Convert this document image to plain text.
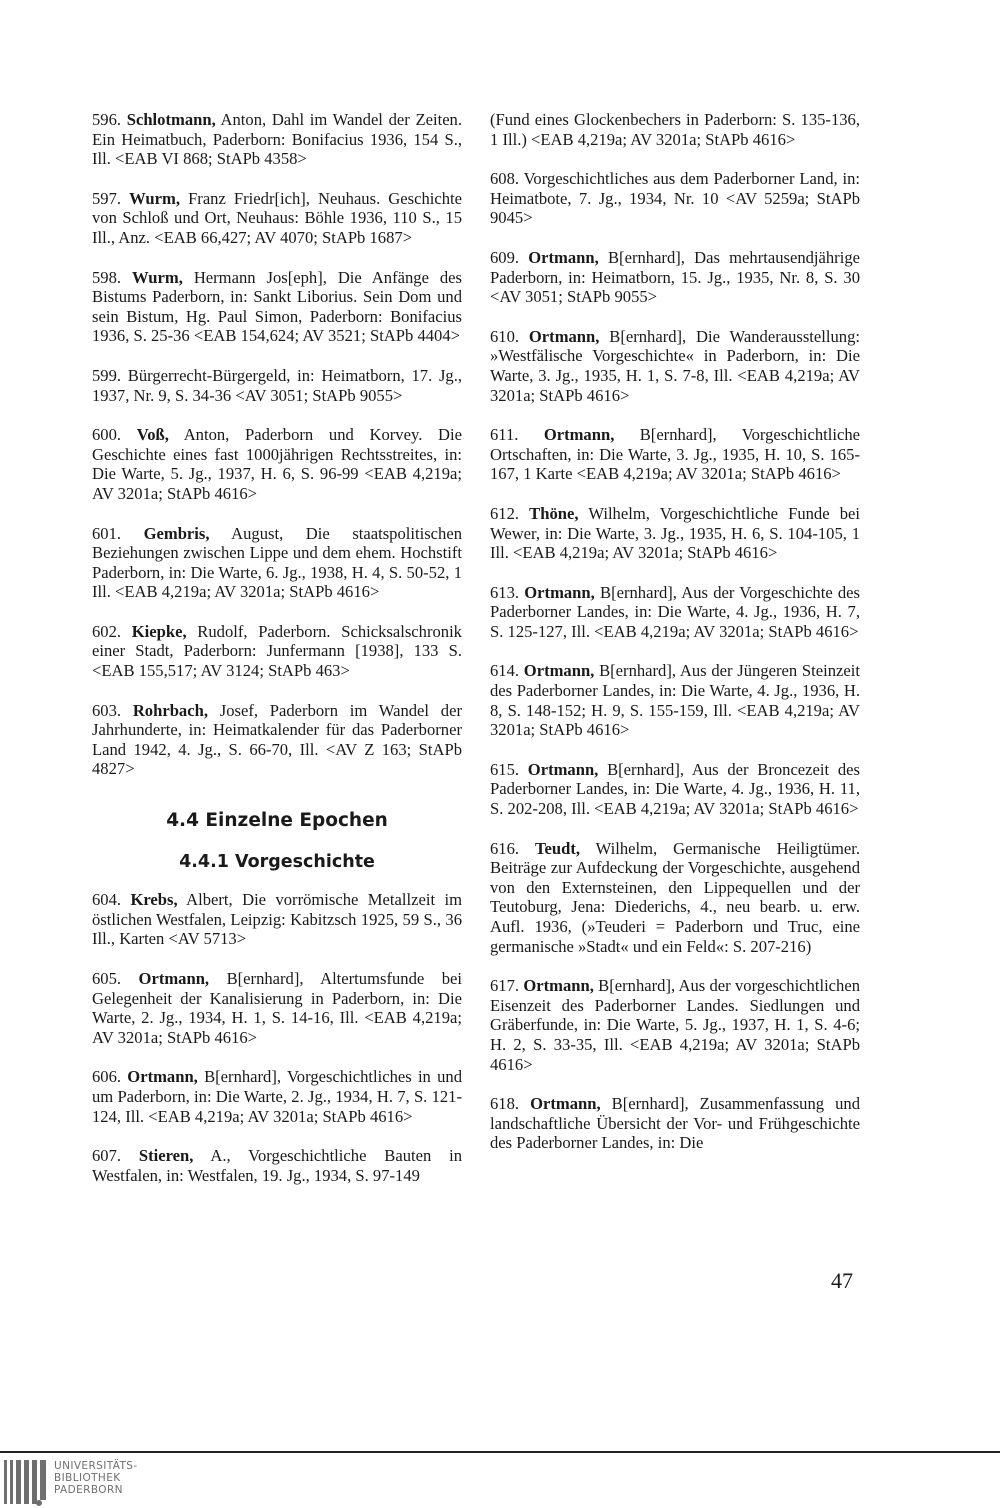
596. Schlotmann, Anton, Dahl im Wandel der Zeiten. Ein Heimatbuch, Paderborn: Bonifacius 1936, 154 S., Ill. <EAB VI 868; StAPb 4358>
597. Wurm, Franz Friedr[ich], Neuhaus. Geschichte von Schloß und Ort, Neuhaus: Böhle 1936, 110 S., 15 Ill., Anz. <EAB 66,427; AV 4070; StAPb 1687>
598. Wurm, Hermann Jos[eph], Die Anfänge des Bistums Paderborn, in: Sankt Liborius. Sein Dom und sein Bistum, Hg. Paul Simon, Paderborn: Bonifacius 1936, S. 25-36 <EAB 154,624; AV 3521; StAPb 4404>
599. Bürgerrecht-Bürgergeld, in: Heimatborn, 17. Jg., 1937, Nr. 9, S. 34-36 <AV 3051; StAPb 9055>
600. Voß, Anton, Paderborn und Korvey. Die Geschichte eines fast 1000jährigen Rechtsstreites, in: Die Warte, 5. Jg., 1937, H. 6, S. 96-99 <EAB 4,219a; AV 3201a; StAPb 4616>
601. Gembris, August, Die staatspolitischen Beziehungen zwischen Lippe und dem ehem. Hochstift Paderborn, in: Die Warte, 6. Jg., 1938, H. 4, S. 50-52, 1 Ill. <EAB 4,219a; AV 3201a; StAPb 4616>
602. Kiepke, Rudolf, Paderborn. Schicksalschronik einer Stadt, Paderborn: Junfermann [1938], 133 S. <EAB 155,517; AV 3124; StAPb 463>
603. Rohrbach, Josef, Paderborn im Wandel der Jahrhunderte, in: Heimatkalender für das Paderborner Land 1942, 4. Jg., S. 66-70, Ill. <AV Z 163; StAPb 4827>
4.4 Einzelne Epochen
4.4.1 Vorgeschichte
604. Krebs, Albert, Die vorrömische Metallzeit im östlichen Westfalen, Leipzig: Kabitzsch 1925, 59 S., 36 Ill., Karten <AV 5713>
605. Ortmann, B[ernhard], Altertumsfunde bei Gelegenheit der Kanalisierung in Paderborn, in: Die Warte, 2. Jg., 1934, H. 1, S. 14-16, Ill. <EAB 4,219a; AV 3201a; StAPb 4616>
606. Ortmann, B[ernhard], Vorgeschichtliches in und um Paderborn, in: Die Warte, 2. Jg., 1934, H. 7, S. 121-124, Ill. <EAB 4,219a; AV 3201a; StAPb 4616>
607. Stieren, A., Vorgeschichtliche Bauten in Westfalen, in: Westfalen, 19. Jg., 1934, S. 97-149
(Fund eines Glockenbechers in Paderborn: S. 135-136, 1 Ill.) <EAB 4,219a; AV 3201a; StAPb 4616>
608. Vorgeschichtliches aus dem Paderborner Land, in: Heimatbote, 7. Jg., 1934, Nr. 10 <AV 5259a; StAPb 9045>
609. Ortmann, B[ernhard], Das mehrtausendjährige Paderborn, in: Heimatborn, 15. Jg., 1935, Nr. 8, S. 30 <AV 3051; StAPb 9055>
610. Ortmann, B[ernhard], Die Wanderausstellung: »Westfälische Vorgeschichte« in Paderborn, in: Die Warte, 3. Jg., 1935, H. 1, S. 7-8, Ill. <EAB 4,219a; AV 3201a; StAPb 4616>
611. Ortmann, B[ernhard], Vorgeschichtliche Ortschaften, in: Die Warte, 3. Jg., 1935, H. 10, S. 165-167, 1 Karte <EAB 4,219a; AV 3201a; StAPb 4616>
612. Thöne, Wilhelm, Vorgeschichtliche Funde bei Wewer, in: Die Warte, 3. Jg., 1935, H. 6, S. 104-105, 1 Ill. <EAB 4,219a; AV 3201a; StAPb 4616>
613. Ortmann, B[ernhard], Aus der Vorgeschichte des Paderborner Landes, in: Die Warte, 4. Jg., 1936, H. 7, S. 125-127, Ill. <EAB 4,219a; AV 3201a; StAPb 4616>
614. Ortmann, B[ernhard], Aus der Jüngeren Steinzeit des Paderborner Landes, in: Die Warte, 4. Jg., 1936, H. 8, S. 148-152; H. 9, S. 155-159, Ill. <EAB 4,219a; AV 3201a; StAPb 4616>
615. Ortmann, B[ernhard], Aus der Broncezeit des Paderborner Landes, in: Die Warte, 4. Jg., 1936, H. 11, S. 202-208, Ill. <EAB 4,219a; AV 3201a; StAPb 4616>
616. Teudt, Wilhelm, Germanische Heiligtümer. Beiträge zur Aufdeckung der Vorgeschichte, ausgehend von den Externsteinen, den Lippequellen und der Teutoburg, Jena: Diederichs, 4., neu bearb. u. erw. Aufl. 1936, (»Teuderi = Paderborn und Truc, eine germanische »Stadt« und ein Feld«: S. 207-216)
617. Ortmann, B[ernhard], Aus der vorgeschichtlichen Eisenzeit des Paderborner Landes. Siedlungen und Gräberfunde, in: Die Warte, 5. Jg., 1937, H. 1, S. 4-6; H. 2, S. 33-35, Ill. <EAB 4,219a; AV 3201a; StAPb 4616>
618. Ortmann, B[ernhard], Zusammenfassung und landschaftliche Übersicht der Vor- und Frühgeschichte des Paderborner Landes, in: Die
47
UNIVERSITÄTS-
BIBLIOTHEK
PADERBORN
